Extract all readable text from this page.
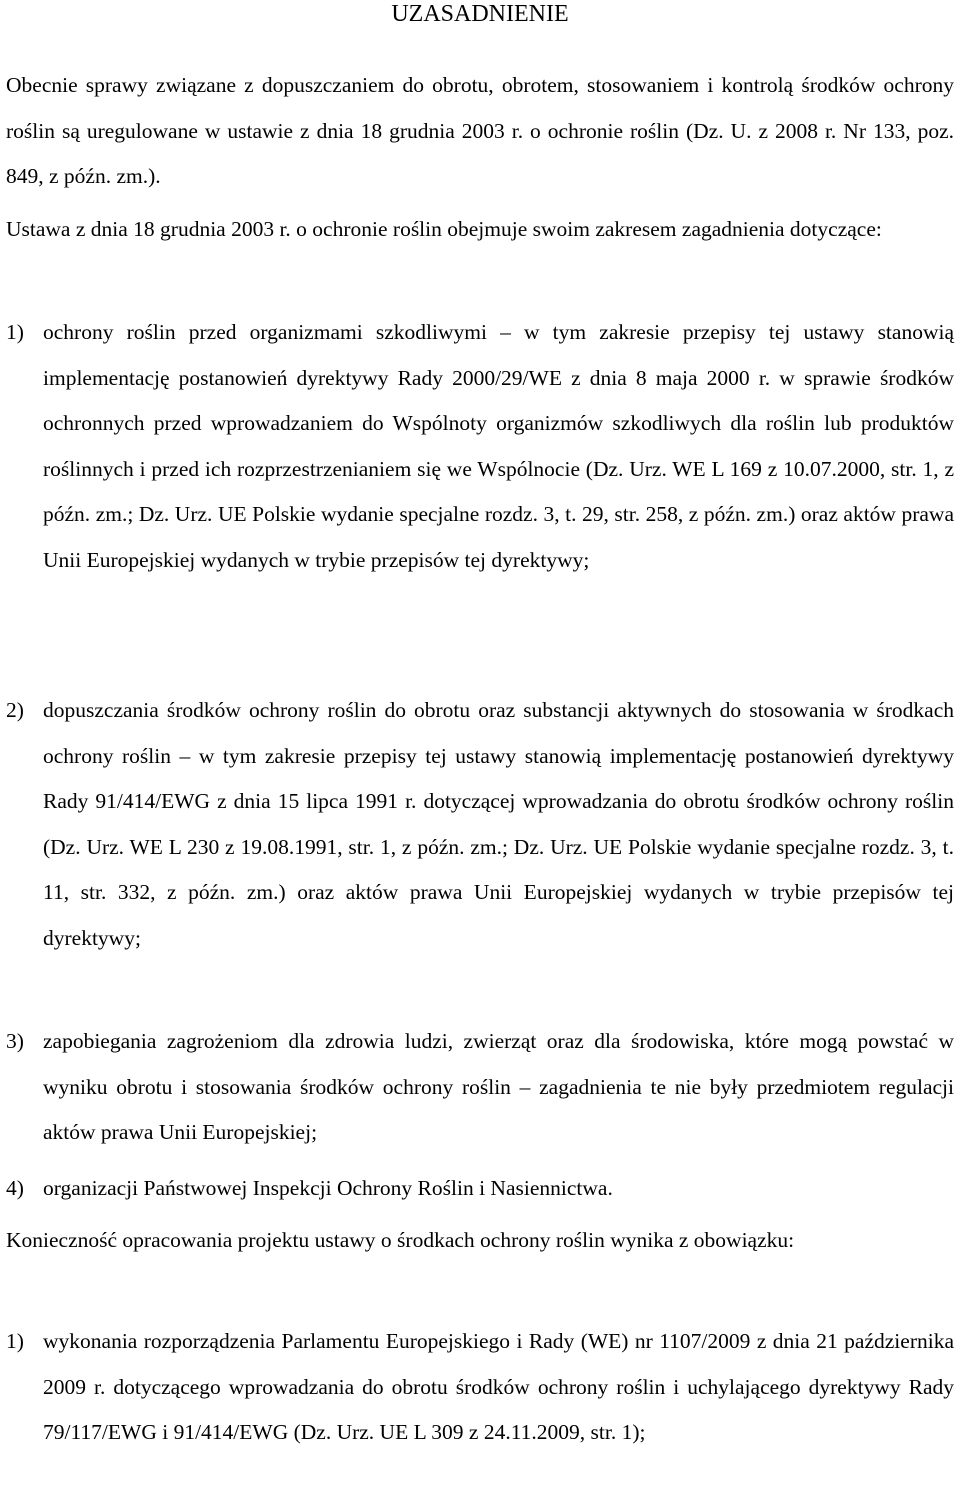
UZASADNIENIE
Obecnie sprawy związane z dopuszczaniem do obrotu, obrotem, stosowaniem i kontrolą środków ochrony roślin są uregulowane w ustawie z dnia 18 grudnia 2003 r. o ochronie roślin (Dz. U. z 2008 r. Nr 133, poz. 849, z późn. zm.).
Ustawa z dnia 18 grudnia 2003 r. o ochronie roślin obejmuje swoim zakresem zagadnienia dotyczące:
1) ochrony roślin przed organizmami szkodliwymi – w tym zakresie przepisy tej ustawy stanowią implementację postanowień dyrektywy Rady 2000/29/WE z dnia 8 maja 2000 r. w sprawie środków ochronnych przed wprowadzaniem do Wspólnoty organizmów szkodliwych dla roślin lub produktów roślinnych i przed ich rozprzestrzenianiem się we Wspólnocie (Dz. Urz. WE L 169 z 10.07.2000, str. 1, z późn. zm.; Dz. Urz. UE Polskie wydanie specjalne rozdz. 3, t. 29, str. 258, z późn. zm.) oraz aktów prawa Unii Europejskiej wydanych w trybie przepisów tej dyrektywy;
2) dopuszczania środków ochrony roślin do obrotu oraz substancji aktywnych do stosowania w środkach ochrony roślin – w tym zakresie przepisy tej ustawy stanowią implementację postanowień dyrektywy Rady 91/414/EWG z dnia 15 lipca 1991 r. dotyczącej wprowadzania do obrotu środków ochrony roślin (Dz. Urz. WE L 230 z 19.08.1991, str. 1, z późn. zm.; Dz. Urz. UE Polskie wydanie specjalne rozdz. 3, t. 11, str. 332, z późn. zm.) oraz aktów prawa Unii Europejskiej wydanych w trybie przepisów tej dyrektywy;
3) zapobiegania zagrożeniom dla zdrowia ludzi, zwierząt oraz dla środowiska, które mogą powstać w wyniku obrotu i stosowania środków ochrony roślin – zagadnienia te nie były przedmiotem regulacji aktów prawa Unii Europejskiej;
4) organizacji Państwowej Inspekcji Ochrony Roślin i Nasiennictwa.
Konieczność opracowania projektu ustawy o środkach ochrony roślin wynika z obowiązku:
1) wykonania rozporządzenia Parlamentu Europejskiego i Rady (WE) nr 1107/2009 z dnia 21 października 2009 r. dotyczącego wprowadzania do obrotu środków ochrony roślin i uchylającego dyrektywy Rady 79/117/EWG i 91/414/EWG (Dz. Urz. UE L 309 z 24.11.2009, str. 1);
